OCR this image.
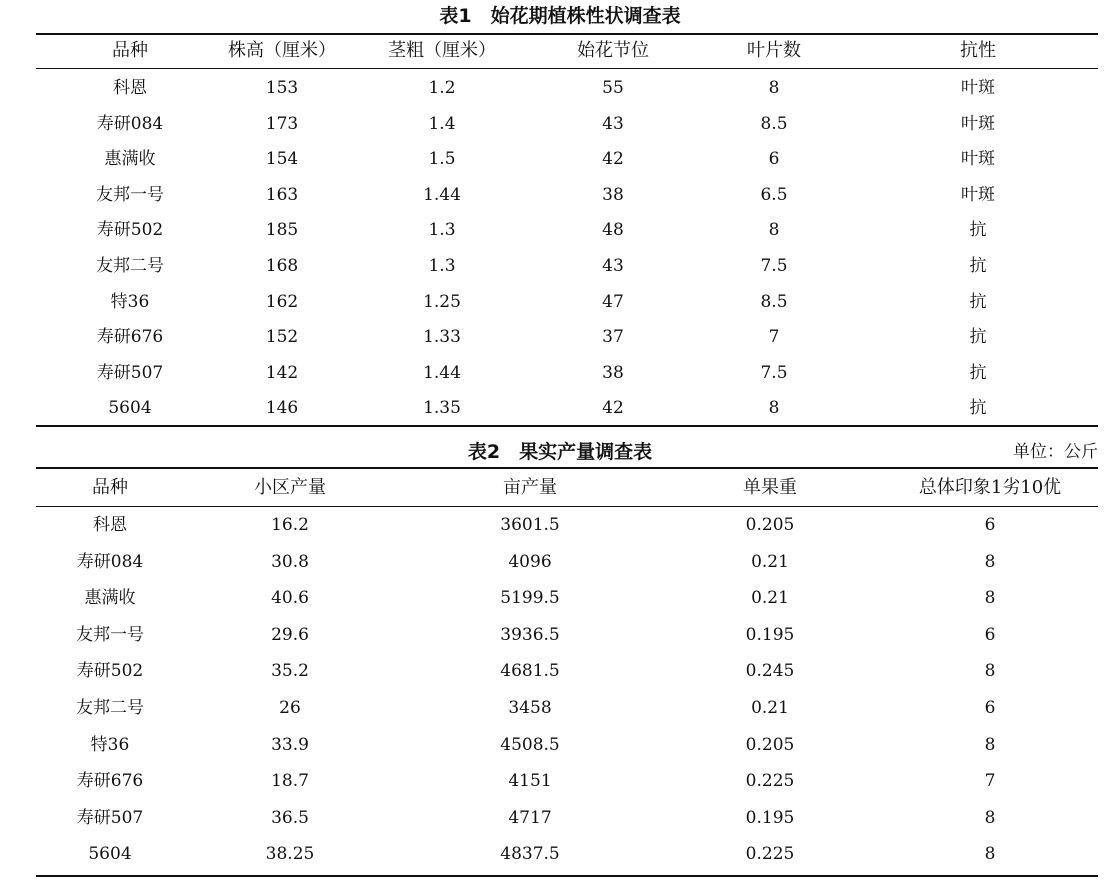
表1　始花期植株性状调查表
品种	株高（厘米）	茎粗（厘米）	始花节位	叶片数	抗性
科恩	153	1.2	55	8	叶斑
寿研084	173	1.4	43	8.5	叶斑
惠满收	154	1.5	42	6	叶斑
友邦一号	163	1.44	38	6.5	叶斑
寿研502	185	1.3	48	8	抗
友邦二号	168	1.3	43	7.5	抗
特36	162	1.25	47	8.5	抗
寿研676	152	1.33	37	7	抗
寿研507	142	1.44	38	7.5	抗
5604	146	1.35	42	8	抗
表2　果实产量调查表	单位：公斤
品种	小区产量	亩产量	单果重	总体印象1劣10优
科恩	16.2	3601.5	0.205	6
寿研084	30.8	4096	0.21	8
惠满收	40.6	5199.5	0.21	8
友邦一号	29.6	3936.5	0.195	6
寿研502	35.2	4681.5	0.245	8
友邦二号	26	3458	0.21	6
特36	33.9	4508.5	0.205	8
寿研676	18.7	4151	0.225	7
寿研507	36.5	4717	0.195	8
5604	38.25	4837.5	0.225	8
